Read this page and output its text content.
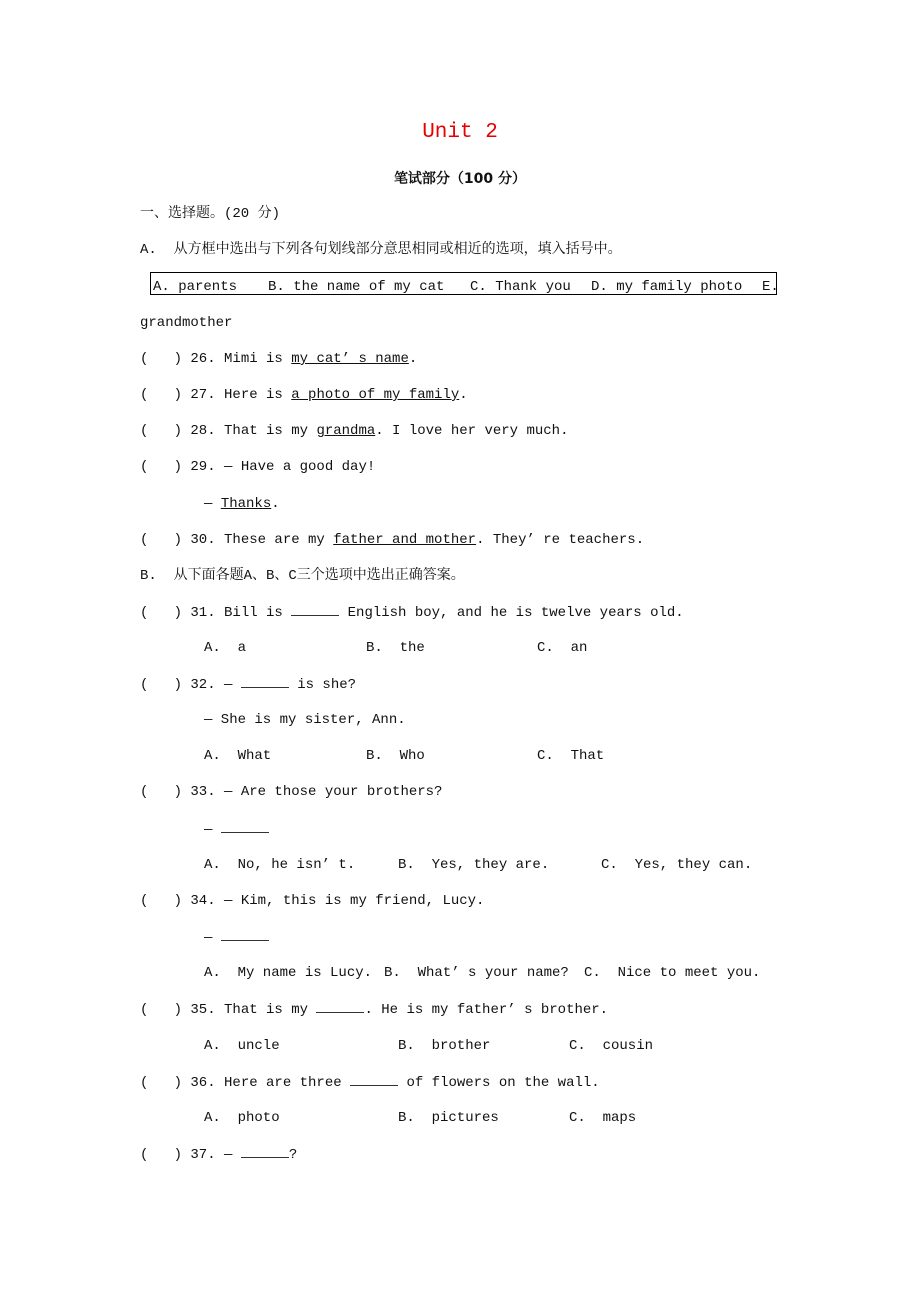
Unit 2
笔试部分（100 分）
一、选择题。(20 分)
A.  从方框中选出与下列各句划线部分意思相同或相近的选项，填入括号中。
A. parents B. the name of my cat C. Thank you D. my family photo E.
grandmother
(   ) 26. Mimi is my cat’ s name.
(   ) 27. Here is a photo of my family.
(   ) 28. That is my grandma. I love her very much.
(   ) 29. — Have a good day!
— Thanks.
(   ) 30. These are my father and mother. They’ re teachers.
B.  从下面各题A、B、C三个选项中选出正确答案。
(   ) 31. Bill is	English boy, and he is twelve years old.
A.  a	B.  the	C.  an
(   ) 32. —	is she?
— She is my sister, Ann.
A.  What	B.  Who	C.  That
(   ) 33. — Are those your brothers?
—
A.  No, he isn’ t.	B.  Yes, they are.	C.  Yes, they can.
(   ) 34. — Kim, this is my friend, Lucy.
—
A.  My name is Lucy. B.  What’ s your name? C.  Nice to meet you.
(   ) 35. That is my	. He is my father’ s brother.
A.  uncle	B.  brother	C.  cousin
(   ) 36. Here are three	of flowers on the wall.
A.  photo	B.  pictures	C.  maps
(   ) 37. —	?
